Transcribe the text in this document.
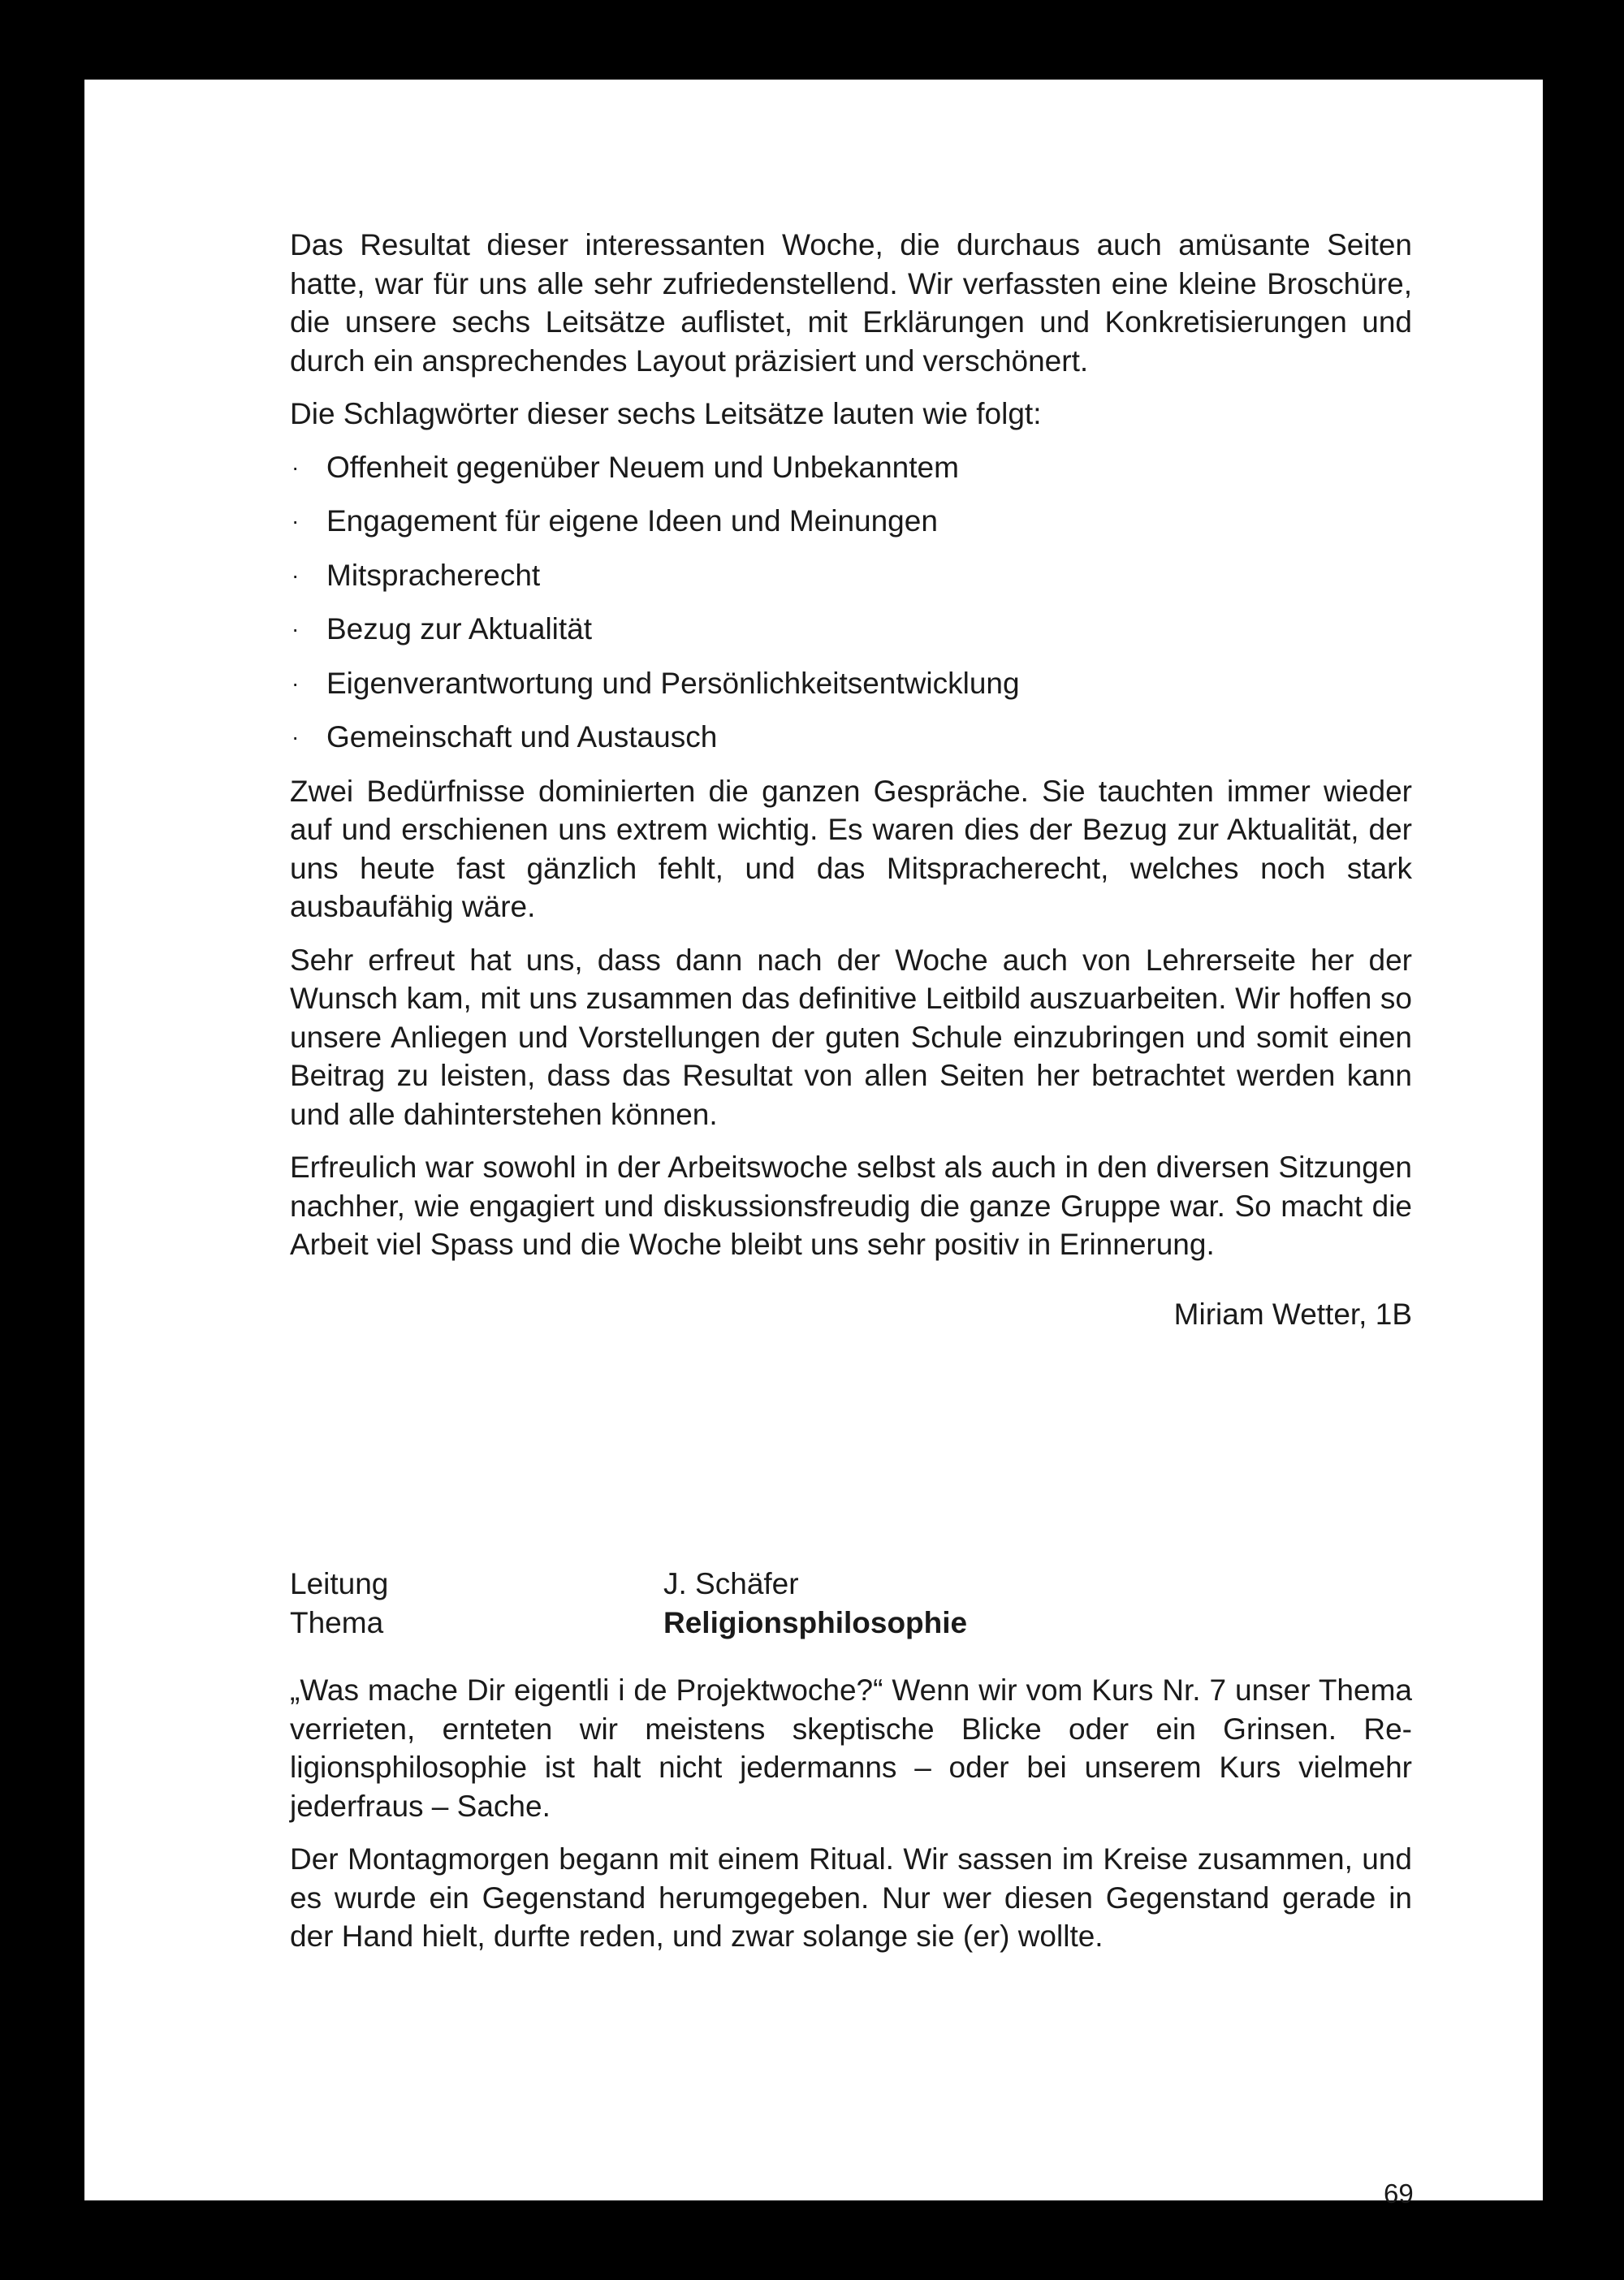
Das Resultat dieser interessanten Woche, die durchaus auch amüsante Seiten hatte, war für uns alle sehr zufriedenstellend. Wir verfassten eine kleine Broschüre, die unsere sechs Leitsätze auflistet, mit Erklärungen und Konkretisierungen und durch ein ansprechendes Layout präzisiert und verschönert.

Die Schlagwörter dieser sechs Leitsätze lauten wie folgt:

· Offenheit gegenüber Neuem und Unbekanntem
· Engagement für eigene Ideen und Meinungen
· Mitspracherecht
· Bezug zur Aktualität
· Eigenverantwortung und Persönlichkeitsentwicklung
· Gemeinschaft und Austausch

Zwei Bedürfnisse dominierten die ganzen Gespräche. Sie tauchten immer wieder auf und erschienen uns extrem wichtig. Es waren dies der Bezug zur Aktualität, der uns heute fast gänzlich fehlt, und das Mitspracherecht, welches noch stark ausbaufähig wäre.

Sehr erfreut hat uns, dass dann nach der Woche auch von Lehrerseite her der Wunsch kam, mit uns zusammen das definitive Leitbild auszuarbeiten. Wir hoffen so unsere Anliegen und Vorstellungen der guten Schule einzubringen und somit einen Beitrag zu leisten, dass das Resultat von allen Seiten her betrachtet werden kann und alle dahinterstehen können.

Erfreulich war sowohl in der Arbeitswoche selbst als auch in den diversen Sitzungen nachher, wie engagiert und diskussionsfreudig die ganze Gruppe war. So macht die Arbeit viel Spass und die Woche bleibt uns sehr positiv in Erinnerung.

Miriam Wetter, 1B
Leitung	J. Schäfer
Thema	Religionsphilosophie

„Was mache Dir eigentli i de Projektwoche?“ Wenn wir vom Kurs Nr. 7 unser Thema verrieten, ernteten wir meistens skeptische Blicke oder ein Grinsen. Religionsphilosophie ist halt nicht jedermanns – oder bei unserem Kurs vielmehr jederfraus – Sache.

Der Montagmorgen begann mit einem Ritual. Wir sassen im Kreise zusammen, und es wurde ein Gegenstand herumgegeben. Nur wer diesen Gegenstand gerade in der Hand hielt, durfte reden, und zwar solange sie (er) wollte.

69
